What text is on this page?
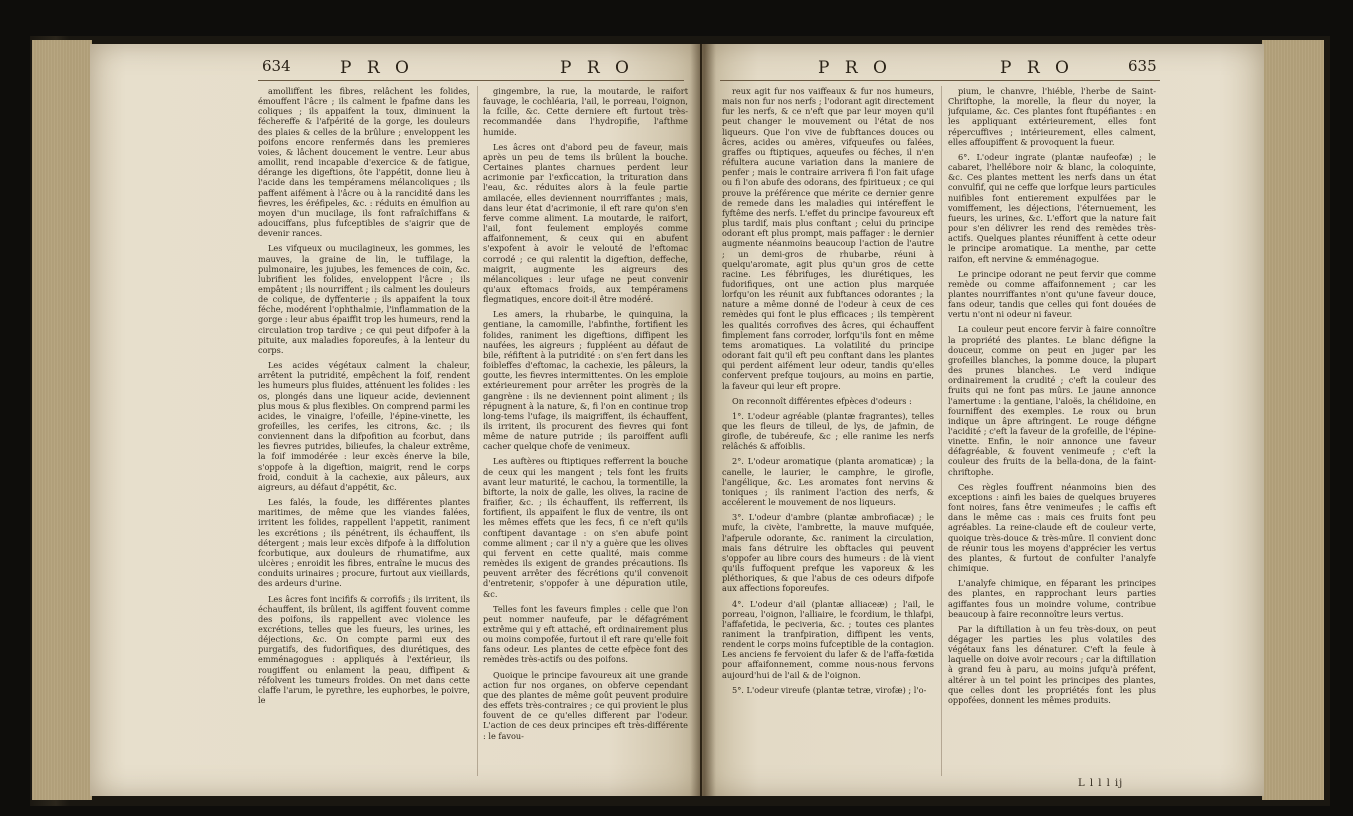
634	P R O	P R O	P R O	P R O	635

amolliffent les fibres, relâchent les folides, émouffent l'âcre ; ils calment le fpafme dans les coliques ; ils appaifent la toux, diminuent la féchereffe & l'afpérité de la gorge, les douleurs des plaies & celles de la brûlure ; enveloppent les poifons encore renfermés dans les premieres voies, & lâchent doucement le ventre. Leur abus amollit, rend incapable d'exercice & de fatigue, dérange les digeftions, ôte l'appétit, donne lieu à l'acide dans les tempéramens mélancoliques ; ils paffent aifément à l'âcre ou à la rancidité dans les fievres, les éréfipeles, &c. : réduits en émulfion au moyen d'un mucilage, ils font rafraîchiffans & adouciffans, plus fufceptibles de s'aigrir que de devenir rances.

Les vifqueux ou mucilagineux, les gommes, les mauves, la graine de lin, le tuffilage, la pulmonaire, les jujubes, les femences de coin, &c. lubrifient les folides, enveloppent l'âcre ; ils empâtent ; ils nourriffent ; ils calment les douleurs de colique, de dyffenterie ; ils appaifent la toux féche, modérent l'ophthalmie, l'inflammation de la gorge : leur abus épaiffit trop les humeurs, rend la circulation trop tardive ; ce qui peut difpofer à la pituite, aux maladies foporeufes, à la lenteur du corps.

Les acides végétaux calment la chaleur, arrêtent la putridité, empêchent la foif, rendent les humeurs plus fluides, atténuent les folides : les os, plongés dans une liqueur acide, deviennent plus mous & plus flexibles. On comprend parmi les acides, le vinaigre, l'ofeille, l'épine-vinette, les grofeilles, les cerifes, les citrons, &c. ; ils conviennent dans la difpofition au fcorbut, dans les fievres putrides, bilieufes, la chaleur extrême, la foif immodérée : leur excès énerve la bile, s'oppofe à la digeftion, maigrit, rend le corps froid, conduit à la cachexie, aux pâleurs, aux aigreurs, au défaut d'appétit, &c.

Les falés, la foude, les différentes plantes maritimes, de même que les viandes falées, irritent les folides, rappellent l'appetit, raniment les excrétions ; ils pénétrent, ils échauffent, ils détergent ; mais leur excès difpofe à la diffolution fcorbutique, aux douleurs de rhumatifme, aux ulcères ; enroidit les fibres, entraîne le mucus des conduits urinaires ; procure, furtout aux vieillards, des ardeurs d'urine.

Les âcres font incififs & corrofifs ; ils irritent, ils échauffent, ils brûlent, ils agiffent fouvent comme des poifons, ils rappellent avec violence les excrétions, telles que les fueurs, les urines, les déjections, &c. On compte parmi eux des purgatifs, des fudorifiques, des diurétiques, des emménagogues : appliqués à l'extérieur, ils rougiffent ou enlament la peau, diffipent & réfolvent les tumeurs froides. On met dans cette claffe l'arum, le pyrethre, les euphorbes, le poivre, le

gingembre, la rue, la moutarde, le raifort fauvage, le cochléaria, l'ail, le porreau, l'oignon, la fcille, &c. Cette derniere eft furtout très-recommandée dans l'hydropifie, l'afthme humide.

Les âcres ont d'abord peu de faveur, mais après un peu de tems ils brûlent la bouche. Certaines plantes charnues perdent leur acrimonie par l'exficcation, la trituration dans l'eau, &c. réduites alors à la feule partie amilacée, elles deviennent nourriffantes ; mais, dans leur état d'acrimonie, il eft rare qu'on s'en ferve comme aliment. La moutarde, le raifort, l'ail, font feulement employés comme affaifonnement, & ceux qui en abufent s'expofent à avoir le velouté de l'eftomac corrodé ; ce qui ralentit la digeftion, deffeche, maigrit, augmente les aigreurs des mélancoliques : leur ufage ne peut convenir qu'aux eftomacs froids, aux tempéramens flegmatiques, encore doit-il être modéré.

Les amers, la rhubarbe, le quinquina, la gentiane, la camomille, l'abfinthe, fortifient les folides, raniment les digeftions, diffipent les naufées, les aigreurs ; fuppléent au défaut de bile, réfiftent à la putridité : on s'en fert dans les foibleffes d'eftomac, la cachexie, les pâleurs, la goutte, les fievres intermittentes. On les emploie extérieurement pour arrêter les progrès de la gangrène : ils ne deviennent point aliment ; ils répugnent à la nature, &, fi l'on en continue trop long-tems l'ufage, ils maigriffent, ils échauffent, ils irritent, ils procurent des fievres qui font même de nature putride ; ils paroiffent aufli cacher quelque chofe de venimeux.

Les auftères ou ftiptiques refferrent la bouche de ceux qui les mangent ; tels font les fruits avant leur maturité, le cachou, la tormentille, la biftorte, la noix de galle, les olives, la racine de fraifier, &c. ; ils échauffent, ils refferrent, ils fortifient, ils appaifent le flux de ventre, ils ont les mêmes effets que les fecs, fi ce n'eft qu'ils conftipent davantage : on s'en abufe point comme aliment ; car il n'y a guère que les olives qui fervent en cette qualité, mais comme remèdes ils exigent de grandes précautions. Ils peuvent arrêter des fécrétions qu'il convenoit d'entretenir, s'oppofer à une dépuration utile, &c.

Telles font les faveurs fimples : celle que l'on peut nommer naufeufe, par le défagrément extrême qui y eft attaché, eft ordinairement plus ou moins compofée, furtout il eft rare qu'elle foit fans odeur. Les plantes de cette efpèce font des remèdes très-actifs ou des poifons.

Quoique le principe favoureux ait une grande action fur nos organes, on obferve cependant que des plantes de même goût peuvent produire des effets très-contraires ; ce qui provient le plus fouvent de ce qu'elles different par l'odeur. L'action de ces deux principes eft très-différente : le favou-

reux agit fur nos vaiffeaux & fur nos humeurs, mais non fur nos nerfs ; l'odorant agit directement fur les nerfs, & ce n'eft que par leur moyen qu'il peut changer le mouvement ou l'état de nos liqueurs. Que l'on vive de fubftances douces ou âcres, acides ou amères, vifqueufes ou falées, graffes ou ftiptiques, aqueufes ou féches, il n'en réfultera aucune variation dans la maniere de penfer ; mais le contraire arrivera fi l'on fait ufage ou fi l'on abufe des odorans, des fpiritueux ; ce qui prouve la préférence que mérite ce dernier genre de remede dans les maladies qui intéreffent le fyftême des nerfs. L'effet du principe favoureux eft plus tardif, mais plus conftant ; celui du principe odorant eft plus prompt, mais paffager : le dernier augmente néanmoins beaucoup l'action de l'autre ; un demi-gros de rhubarbe, réuni à quelqu'aromate, agit plus qu'un gros de cette racine. Les fébrifuges, les diurétiques, les fudorifiques, ont une action plus marquée lorfqu'on les réunit aux fubftances odorantes ; la nature a même donné de l'odeur à ceux de ces remèdes qui font le plus efficaces ; ils tempèrent les qualités corrofives des âcres, qui échauffent fimplement fans corroder, lorfqu'ils font en même tems aromatiques. La volatilité du principe odorant fait qu'il eft peu conftant dans les plantes qui perdent aifément leur odeur, tandis qu'elles confervent prefque toujours, au moins en partie, la faveur qui leur eft propre.

On reconnoît différentes efpèces d'odeurs :

1°. L'odeur agréable (plantæ fragrantes), telles que les fleurs de tilleul, de lys, de jafmin, de girofle, de tubéreufe, &c ; elle ranime les nerfs relâchés & affoiblis.

2°. L'odeur aromatique (planta aromaticæ) ; la canelle, le laurier, le camphre, le girofle, l'angélique, &c. Les aromates font nervins & toniques ; ils raniment l'action des nerfs, & accélerent le mouvement de nos liqueurs.

3°. L'odeur d'ambre (plantæ ambrofiacæ) ; le mufc, la civète, l'ambrette, la mauve mufquée, l'afperule odorante, &c. raniment la circulation, mais fans détruire les obftacles qui peuvent s'oppofer au libre cours des humeurs : de là vient qu'ils fuffoquent prefque les vaporeux & les pléthoriques, & que l'abus de ces odeurs difpofe aux affections foporeufes.

4°. L'odeur d'ail (plantæ alliaceæ) ; l'ail, le porreau, l'oignon, l'alliaire, le fcordium, le thlafpi, l'affafetida, le peciveria, &c. ; toutes ces plantes raniment la tranfpiration, diffipent les vents, rendent le corps moins fufceptible de la contagion. Les anciens fe fervoient du lafer & de l'affa-fœtida pour affaifonnement, comme nous-nous fervons aujourd'hui de l'ail & de l'oignon.

5°. L'odeur vireufe (plantæ tetræ, virofæ) ; l'o-

pium, le chanvre, l'hiéble, l'herbe de Saint-Chriftophe, la morelle, la fleur du noyer, la jufquiame, &c. Ces plantes font ftupéfiantes : en les appliquant extérieurement, elles font répercuffives ; intérieurement, elles calment, elles affoupiffent & provoquent la fueur.

6°. L'odeur ingrate (plantæ naufeofæ) ; le cabaret, l'hellébore noir & blanc, la coloquinte, &c. Ces plantes mettent les nerfs dans un état convulfif, qui ne ceffe que lorfque leurs particules nuifibles font entierement expulfées par le vomiffement, les déjections, l'éternuement, les fueurs, les urines, &c. L'effort que la nature fait pour s'en délivrer les rend des remèdes très-actifs. Quelques plantes réuniffent à cette odeur le principe aromatique. La menthe, par cette raifon, eft nervine & emménagogue.

Le principe odorant ne peut fervir que comme remède ou comme affaifonnement ; car les plantes nourriffantes n'ont qu'une faveur douce, fans odeur, tandis que celles qui font douées de vertu n'ont ni odeur ni faveur.

La couleur peut encore fervir à faire connoître la propriété des plantes. Le blanc défigne la douceur, comme on peut en juger par les grofeilles blanches, la pomme douce, la plupart des prunes blanches. Le verd indique ordinairement la crudité ; c'eft la couleur des fruits qui ne font pas mûrs. Le jaune annonce l'amertume : la gentiane, l'aloës, la chélidoine, en fourniffent des exemples. Le roux ou brun indique un âpre aftringent. Le rouge défigne l'acidité ; c'eft la faveur de la grofeille, de l'épine-vinette. Enfin, le noir annonce une faveur défagréable, & fouvent venimeufe ; c'eft la couleur des fruits de la bella-dona, de la faint-chriftophe.

Ces règles fouffrent néanmoins bien des exceptions : ainfi les baies de quelques bruyeres font noires, fans être venimeufes ; le caffis eft dans le même cas : mais ces fruits font peu agréables. La reine-claude eft de couleur verte, quoique très-douce & très-mûre. Il convient donc de réunir tous les moyens d'apprécier les vertus des plantes, & furtout de confulter l'analyfe chimique.

L'analyfe chimique, en féparant les principes des plantes, en rapprochant leurs parties agiffantes fous un moindre volume, contribue beaucoup à faire reconnoître leurs vertus.

Par la diftillation à un feu très-doux, on peut dégager les parties les plus volatiles des végétaux fans les dénaturer. C'eft la feule à laquelle on doive avoir recours ; car la diftillation à grand feu à paru, au moins jufqu'à préfent, altérer à un tel point les principes des plantes, que celles dont les propriétés font les plus oppofées, donnent les mêmes produits.

L l l l ij
